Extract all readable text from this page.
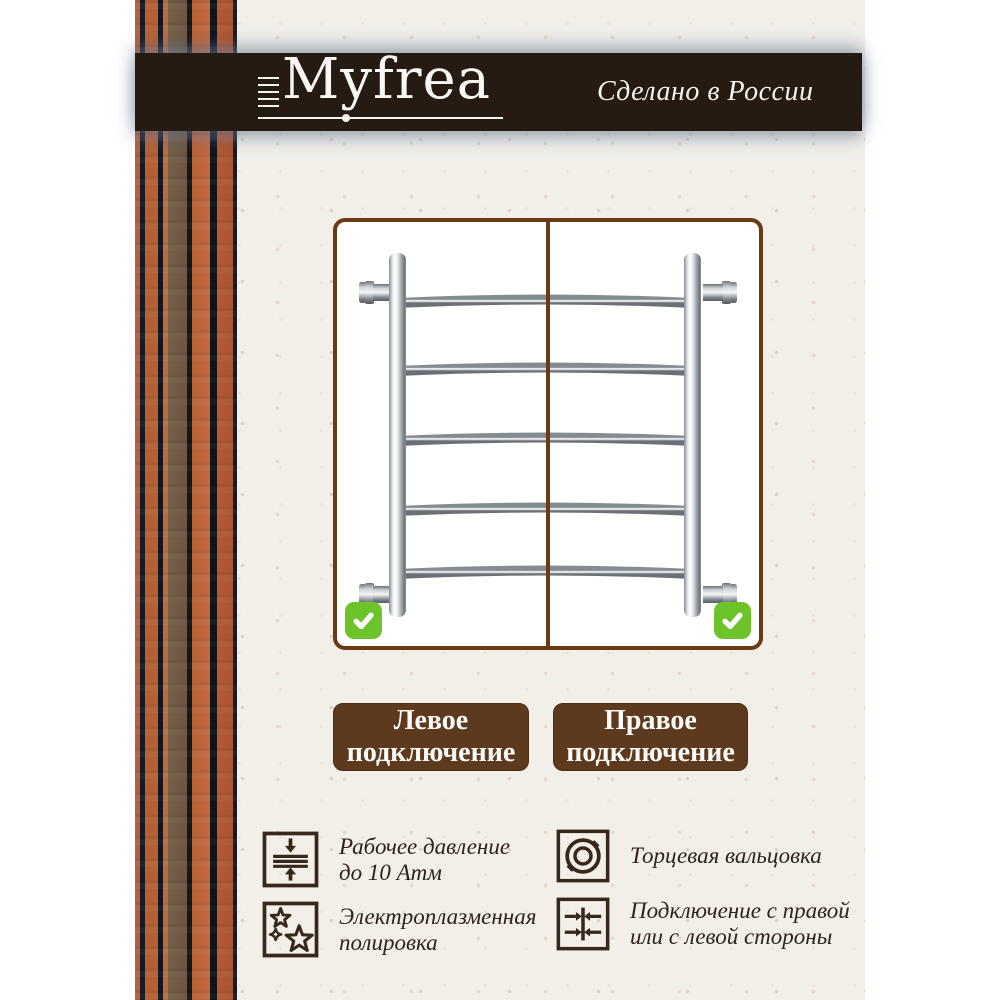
Myfrea	Сделано в России
Левое
подключение
Правое
подключение
Рабочее давление
до 10 Атм
Электроплазменная
полировка
Торцевая вальцовка
Подключение с правой
или с левой стороны
